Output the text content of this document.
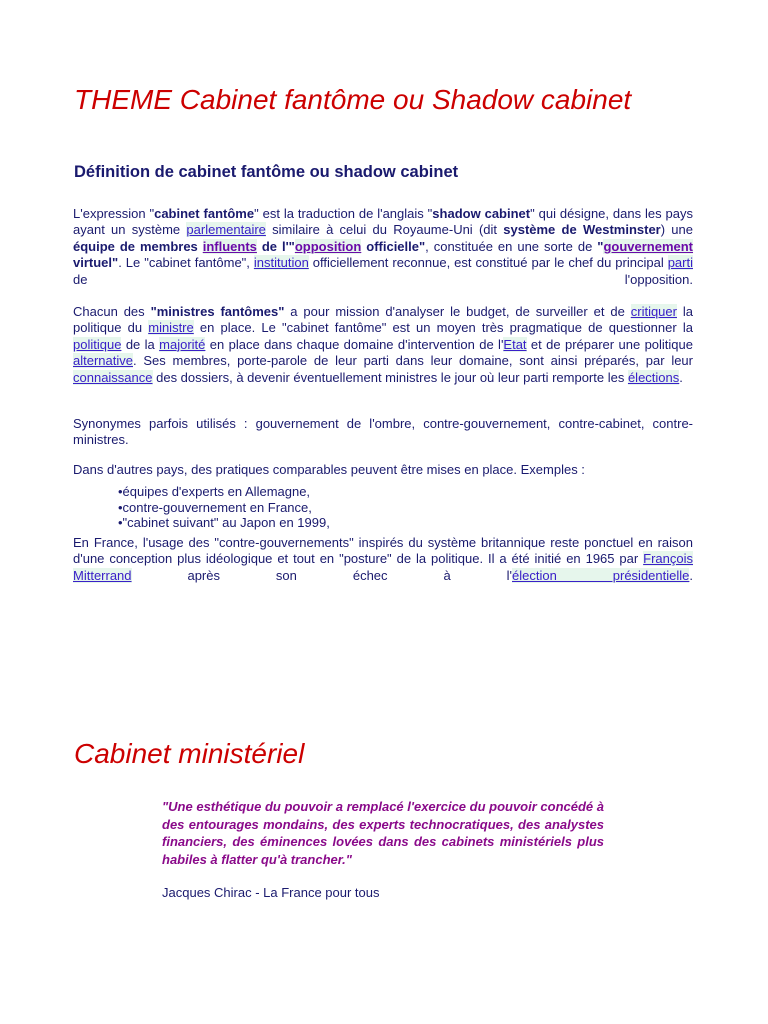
THEME Cabinet fantôme ou Shadow cabinet
Définition de cabinet fantôme ou shadow cabinet

L'expression "cabinet fantôme" est la traduction de l'anglais "shadow cabinet" qui désigne, dans les pays ayant un système parlementaire similaire à celui du Royaume-Uni (dit système de Westminster) une équipe de membres influents de l'"opposition officielle", constituée en une sorte de "gouvernement virtuel". Le "cabinet fantôme", institution officiellement reconnue, est constitué par le chef du principal parti de l'opposition.

Chacun des "ministres fantômes" a pour mission d'analyser le budget, de surveiller et de critiquer la politique du ministre en place. Le "cabinet fantôme" est un moyen très pragmatique de questionner la politique de la majorité en place dans chaque domaine d'intervention de l'Etat et de préparer une politique alternative. Ses membres, porte-parole de leur parti dans leur domaine, sont ainsi préparés, par leur connaissance des dossiers, à devenir éventuellement ministres le jour où leur parti remporte les élections.

Synonymes parfois utilisés : gouvernement de l'ombre, contre-gouvernement, contre-cabinet, contre-ministres.

Dans d'autres pays, des pratiques comparables peuvent être mises en place. Exemples :

•équipes d'experts en Allemagne,
•contre-gouvernement en France,
•"cabinet suivant" au Japon en 1999,

En France, l'usage des "contre-gouvernements" inspirés du système britannique reste ponctuel en raison d'une conception plus idéologique et tout en "posture" de la politique. Il a été initié en 1965 par François Mitterrand après son échec à l'élection présidentielle.

Cabinet ministériel

"Une esthétique du pouvoir a remplacé l'exercice du pouvoir concédé à des entourages mondains, des experts technocratiques, des analystes financiers, des éminences lovées dans des cabinets ministériels plus habiles à flatter qu'à trancher."

Jacques Chirac - La France pour tous
